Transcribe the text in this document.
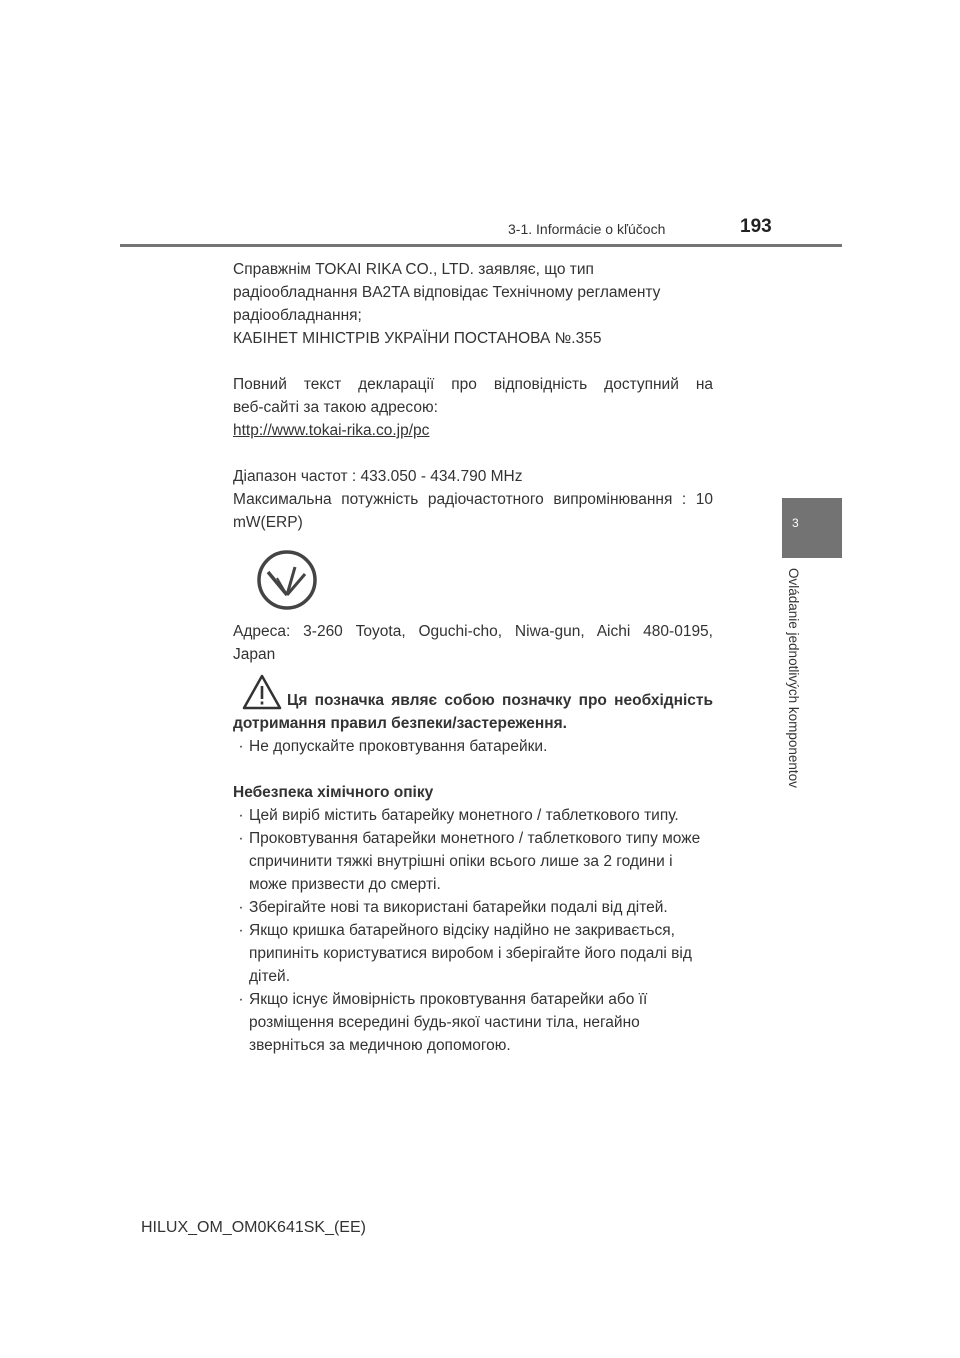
3-1. Informácie o kľúčoch	193
3
Ovládanie jednotlivých komponentov

Справжнім TOKAI RIKA CO., LTD. заявляє, що тип

радіообладнання BA2TA відповідає Технічному регламенту

радіообладнання;

КАБІНЕТ МІНІСТРІВ УКРАЇНИ ПОСТАНОВА №.355

Повний текст декларації про відповідність доступний на

веб-сайті за такою адресою:

http://www.tokai-rika.co.jp/pc

Діапазон частот : 433.050 - 434.790 MHz

Максимальна потужність радіочастотного випромінювання : 10

mW(ERP)

Адреса: 3-260 Toyota, Oguchi-cho, Niwa-gun, Aichi 480-0195,

Japan

Ця позначка являє собою позначку про необхідність

дотримання правил безпеки/застереження.

· Не допускайте проковтування батарейки.

Небезпека хімічного опіку

· Цей виріб містить батарейку монетного / таблеткового типу.

· Проковтування батарейки монетного / таблеткового типу може спричинити тяжкі внутрішні опіки всього лише за 2 години і може призвести до смерті.

· Зберігайте нові та використані батарейки подалі від дітей.

· Якщо кришка батарейного відсіку надійно не закривається, припиніть користуватися виробом і зберігайте його подалі від дітей.

· Якщо існує ймовірність проковтування батарейки або її розміщення всередині будь-якої частини тіла, негайно зверніться за медичною допомогою.

HILUX_OM_OM0K641SK_(EE)
